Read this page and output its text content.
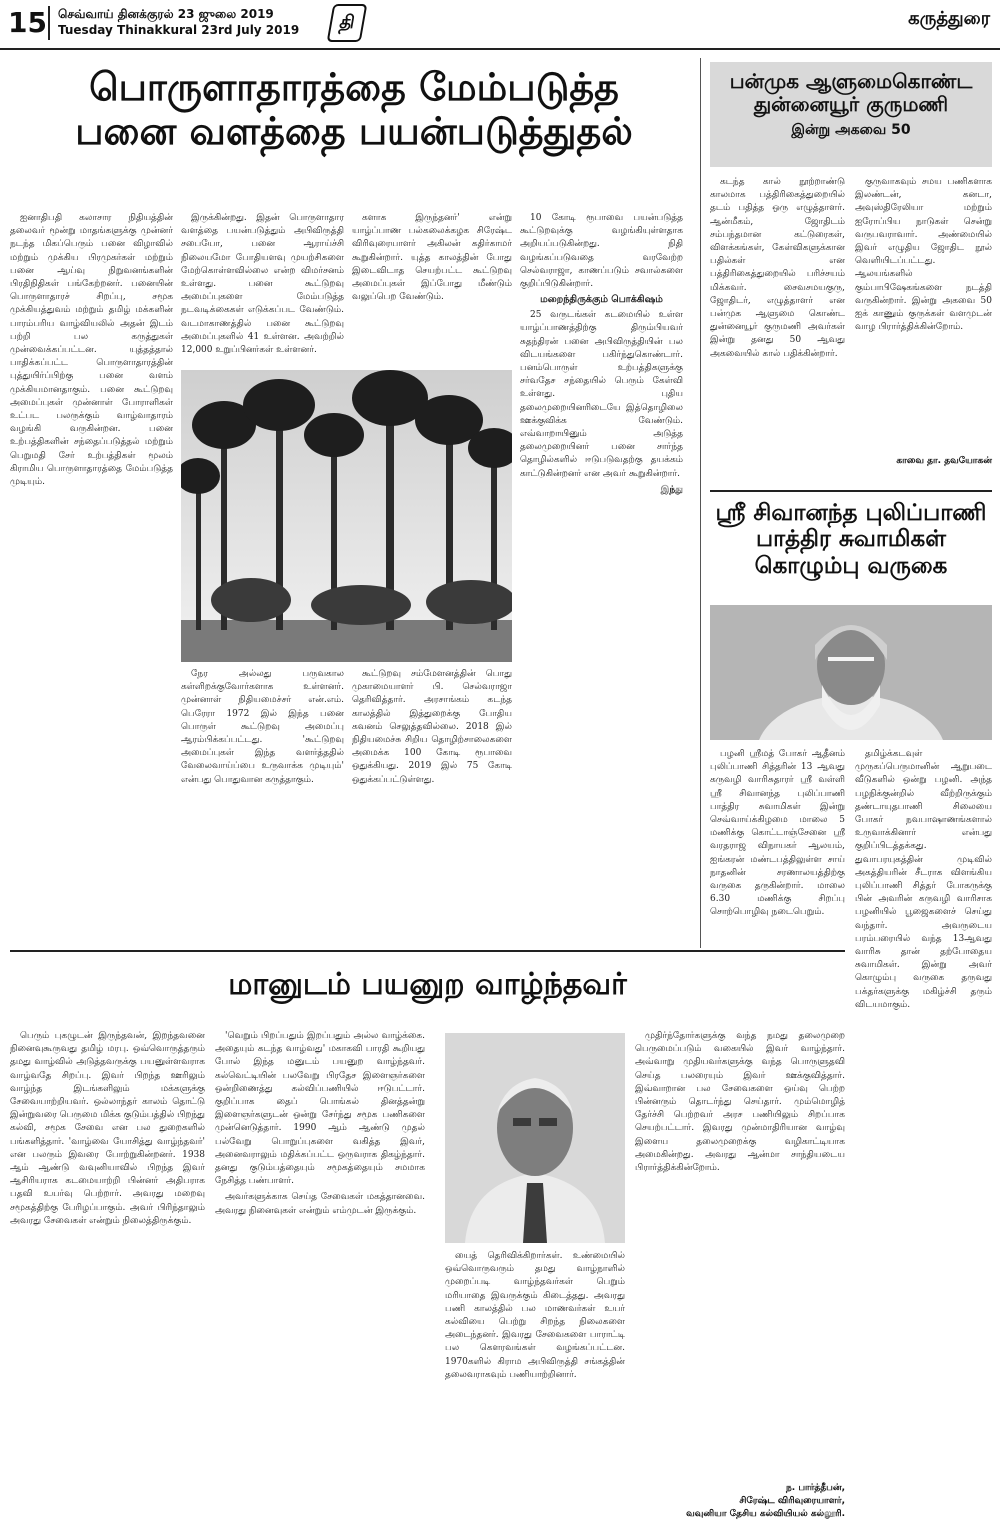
15 செவ்வாய் தினக்குரல் 23 ஜுலை 2019
Tuesday Thinakkural 23rd July 2019	தி	கருத்துரை
பொருளாதாரத்தை மேம்படுத்த
பனை வளத்தை பயன்படுத்துதல்

ஐனாதிபதி கலாசார நிதியத்தின் தலைவர் மூன்று மாதங்களுக்கு முன்னர் நடந்த மிகப்பெரும் பனை விழாவில் மற்றும் முக்கிய பிரமுகர்கள் மற்றும் பனை ஆய்வு நிறுவனங்களின் பிரதிநிதிகள் பங்கேற்றனர். பனையின் பொருளாதாரச் சிறப்பு, சமூக முக்கியத்துவம் மற்றும் தமிழ் மக்களின் பாரம்பரிய வாழ்வியலில் அதன் இடம் பற்றி பல கருத்துகள் முன்வைக்கப்பட்டன. யுத்தத்தால் பாதிக்கப்பட்ட பொருளாதாரத்தின் புத்துயிர்ப்பிற்கு பனை வளம் முக்கியமானதாகும். பனை கூட்டுறவு அமைப்புகள் முன்னாள் போராளிகள் உட்பட பலருக்கும் வாழ்வாதாரம் வழங்கி வருகின்றன. பனை உற்பத்திகளின் சந்தைப்படுத்தல் மற்றும் பெறுமதி சேர் உற்பத்திகள் மூலம் கிராமிய பொருளாதாரத்தை மேம்படுத்த முடியும்.

இருக்கின்றது. இதன் பொருளாதார வளத்தை பயன்படுத்தும் அபிவிருத்தி சபையோ, பனை ஆராய்ச்சி நிலையமோ போதியளவு முயற்சிகளை மேற்கொள்ளவில்லை என்ற விமர்சனம் உள்ளது. பனை கூட்டுறவு அமைப்புகளை மேம்படுத்த நடவடிக்கைகள் எடுக்கப்பட வேண்டும். வடமாகாணத்தில் பனை கூட்டுறவு அமைப்புகளில் 41 உள்ளன. அவற்றில் 12,000 உறுப்பினர்கள் உள்ளனர்.

களாக இருந்தனர்' என்று யாழ்ப்பாண பல்கலைக்கழக சிரேஷ்ட விரிவுரையாளர் அகிலன் கதிர்காமர் கூறுகின்றார். யுத்த காலத்தின் போது இடைவிடாத செயற்பட்ட கூட்டுறவு அமைப்புகள் இப்போது மீண்டும் வலுப்பெற வேண்டும்.

நேர அல்லது பருவகால கள்ளிறக்குவோர்களாக உள்ளனர். முன்னாள் நிதியமைச்சர் என்.எம். பெரேரா 1972 இல் இந்த பனை பொருள் கூட்டுறவு அமைப்பு ஆரம்பிக்கப்பட்டது. 'கூட்டுறவு அமைப்புகள் இந்த வளர்த்ததில் வேலைவாய்ப்பை உருவாக்க முடியும்' என்பது பொதுவான கருத்தாகும்.

கூட்டுறவு சம்மேளனத்தின் பொது முகாமையாளர் பி. செல்வராஜா தெரிவித்தார். அரசாங்கம் கடந்த காலத்தில் இத்துறைக்கு போதிய கவனம் செலுத்தவில்லை. 2018 இல் நிதியமைச்சு சிறிய தொழிற்சாலைகளை அமைக்க 100 கோடி ரூபாவை ஒதுக்கியது. 2019 இல் 75 கோடி ஒதுக்கப்பட்டுள்ளது.

10 கோடி ரூபாவை பயன்படுத்த கூட்டுறவுக்கு வழங்கியுள்ளதாக அறியப்படுகின்றது. நிதி வழங்கப்படுவதை வரவேற்ற செல்வராஜா, காணப்படும் சவால்களை குறிப்பிடுகின்றார்.

மறைந்திருக்கும் பொக்கிஷம்

25 வருடங்கள் கடமையில் உள்ள யாழ்ப்பாணத்திற்கு திரும்பியவர் சுதந்திரன் பனை அபிவிருத்தியின் பல விடயங்களை பகிர்ந்துகொண்டார். பனம்பொருள் உற்பத்திகளுக்கு சர்வதேச சந்தையில் பெரும் கேள்வி உள்ளது. புதிய தலைமுறையினரிடையே இத்தொழிலை ஊக்குவிக்க வேண்டும். எவ்வாறாயினும் அடுத்த தலைமுறையினர் பனை சார்ந்த தொழில்களில் ஈடுபடுவதற்கு தயக்கம் காட்டுகின்றனர் என அவர் கூறுகின்றார்.

இந்து
பன்முக ஆளுமைகொண்ட
துன்னையூர் குருமணி
இன்று அகவை 50

கடந்த கால் நூற்றாண்டு காலமாக பத்திரிகைத்துறையில் தடம் பதித்த ஒரு எழுத்தாளர். ஆன்மீகம், ஜோதிடம் சம்பந்தமான கட்டுரைகள், விளக்கங்கள், கேள்விகளுக்கான பதில்கள் என பத்திரிகைத்துறையில் பரிச்சயம் மிக்கவர். சைவசமயகுரு, ஜோதிடர், எழுத்தாளர் என பன்முக ஆளுமை கொண்ட துன்னையூர் குருமணி அவர்கள் இன்று தனது 50 ஆவது அகவையில் கால் பதிக்கின்றார்.

குருவாகவும் சமய பணிகளாக இலண்டன், கனடா, அவுஸ்திரேலியா மற்றும் ஐரோப்பிய நாடுகள் சென்று வருபவராவார். அண்மையில் இவர் எழுதிய ஜோதிட நூல் வெளியிடப்பட்டது. ஆலயங்களில் கும்பாபிஷேகங்களை நடத்தி வருகின்றார். இன்று அகவை 50 ஐக் காணும் குருக்கள் வளமுடன் வாழ பிரார்த்திக்கின்றோம்.

காவை தா. தவயோகன்
ஸ்ரீ சிவானந்த புலிப்பாணி
பாத்திர சுவாமிகள்
கொழும்பு வருகை

பழனி ஸ்ரீமத் போகர் ஆதீனம் புலிப்பாணி சித்தரின் 13 ஆவது கருவழி வாரிசுதாரர் ஸ்ரீ வள்ளி ஸ்ரீ சிவானந்த புலிப்பாணி பாத்திர சுவாமிகள் இன்று செவ்வாய்க்கிழமை மாலை 5 மணிக்கு கொட்டாஞ்சேனை ஸ்ரீ வரதராஜ விநாயகர் ஆலயம், ஐங்கரன் மண்டபத்திலுள்ள சாய் நாதனின் சரணாலயத்திற்கு வருகை தருகின்றார். மாலை 6.30 மணிக்கு சிறப்பு சொற்பொழிவு நடைபெறும்.

தமிழ்க்கடவுள் முருகப்பெருமானின் ஆறுபடை வீடுகளில் ஒன்று பழனி. அந்த பழநிக்குன்றில் வீற்றிருக்கும் தண்டாயுதபாணி சிலையை போகர் நவபாஷாணங்களால் உருவாக்கினார் என்பது குறிப்பிடத்தக்கது. துவாபரயுகத்தின் முடிவில் அகத்தியரின் சீடராக விளங்கிய புலிப்பாணி சித்தர் போகருக்கு பின் அவரின் கருவழி வாரிசாக பழனியில் பூஜைகளைச் செய்து வந்தார். அவருடைய பரம்பரையில் வந்த 13ஆவது வாரிசு தான் தற்போதைய சுவாமிகள். இன்று அவர் கொழும்பு வருகை தருவது பக்தர்களுக்கு மகிழ்ச்சி தரும் விடயமாகும்.

மானுடம் பயனுற வாழ்ந்தவர்

பெரும் புகழுடன் இருந்தவன், இறந்தவனை நினைவுகூருவது தமிழ் மரபு. ஒவ்வொருத்தரும் தமது வாழ்வில் அடுத்தவருக்கு பயனுள்ளவராக வாழ்வதே சிறப்பு. இவர் பிறந்த ஊரிலும் வாழ்ந்த இடங்களிலும் மக்களுக்கு சேவையாற்றியவர். ஒல்லாந்தர் காலம் தொட்டு இன்றுவரை பெருமை மிக்க குடும்பத்தில் பிறந்து கல்வி, சமூக சேவை என பல துறைகளில் பங்களித்தார். 'வாழ்வை யோசித்து வாழ்ந்தவர்' என பலரும் இவரை போற்றுகின்றனர். 1938 ஆம் ஆண்டு வவுனியாவில் பிறந்த இவர் ஆசிரியராக கடமையாற்றி பின்னர் அதிபராக பதவி உயர்வு பெற்றார். அவரது மறைவு சமூகத்திற்கு பேரிழப்பாகும். அவர் பிரிந்தாலும் அவரது சேவைகள் என்றும் நிலைத்திருக்கும்.

'வெறும் பிறப்பதும் இறப்பதும் அல்ல வாழ்க்கை. அதையும் கடந்த வாழ்வது' மகாகவி பாரதி கூறியது போல் இந்த மனுடம் பயனுற வாழ்ந்தவர். கல்வெட்டியின் பலவேறு பிரதேச இளைஞர்களை ஒன்றிணைத்து கல்விப்பணியில் ஈடுபட்டார். குறிப்பாக தைப் பொங்கல் தினத்தன்று இளைஞர்களுடன் ஒன்று சேர்ந்து சமூக பணிகளை முன்னெடுத்தார். 1990 ஆம் ஆண்டு முதல் பல்வேறு பொறுப்புகளை வகித்த இவர், அனைவராலும் மதிக்கப்பட்ட ஒருவராக திகழ்ந்தார். தனது குடும்பத்தையும் சமூகத்தையும் சமமாக நேசித்த பண்பாளர்.

அவர்களுக்காக செய்த சேவைகள் மகத்தானவை. அவரது நினைவுகள் என்றும் எம்முடன் இருக்கும்.

யைத் தெரிவிக்கிறார்கள். உண்மையில் ஒவ்வொருவரும் தமது வாழ்நாளில் முறைப்படி வாழ்ந்தவர்கள் பெறும் மரியாதை இவருக்கும் கிடைத்தது. அவரது பணி காலத்தில் பல மாணவர்கள் உயர் கல்வியை பெற்று சிறந்த நிலைகளை அடைந்தனர். இவரது சேவைகளை பாராட்டி பல கௌரவங்கள் வழங்கப்பட்டன. 1970களில் கிராம அபிவிருத்தி சங்கத்தின் தலைவராகவும் பணியாற்றினார்.

முதிர்ந்தோர்களுக்கு வந்த நமது தலைமுறை பெருமைப்படும் வகையில் இவர் வாழ்ந்தார். அவ்வாறு முதியவர்களுக்கு வந்த பொருளுதவி செய்த பலரையும் இவர் ஊக்குவித்தார். இவ்வாறான பல சேவைகளை ஒய்வு பெற்ற பின்னரும் தொடர்ந்து செய்தார். மும்மொழித் தேர்ச்சி பெற்றவர் அரச பணியிலும் சிறப்பாக செயற்பட்டார். இவரது முன்மாதிரியான வாழ்வு இளைய தலைமுறைக்கு வழிகாட்டியாக அமைகின்றது. அவரது ஆன்மா சாந்தியடைய பிரார்த்திக்கின்றோம்.

ந. பார்த்தீபன்,
சிரேஷ்ட விரிவுரையாளர்,
வவுனியா தேசிய கல்வியியல் கல்லூரி.
